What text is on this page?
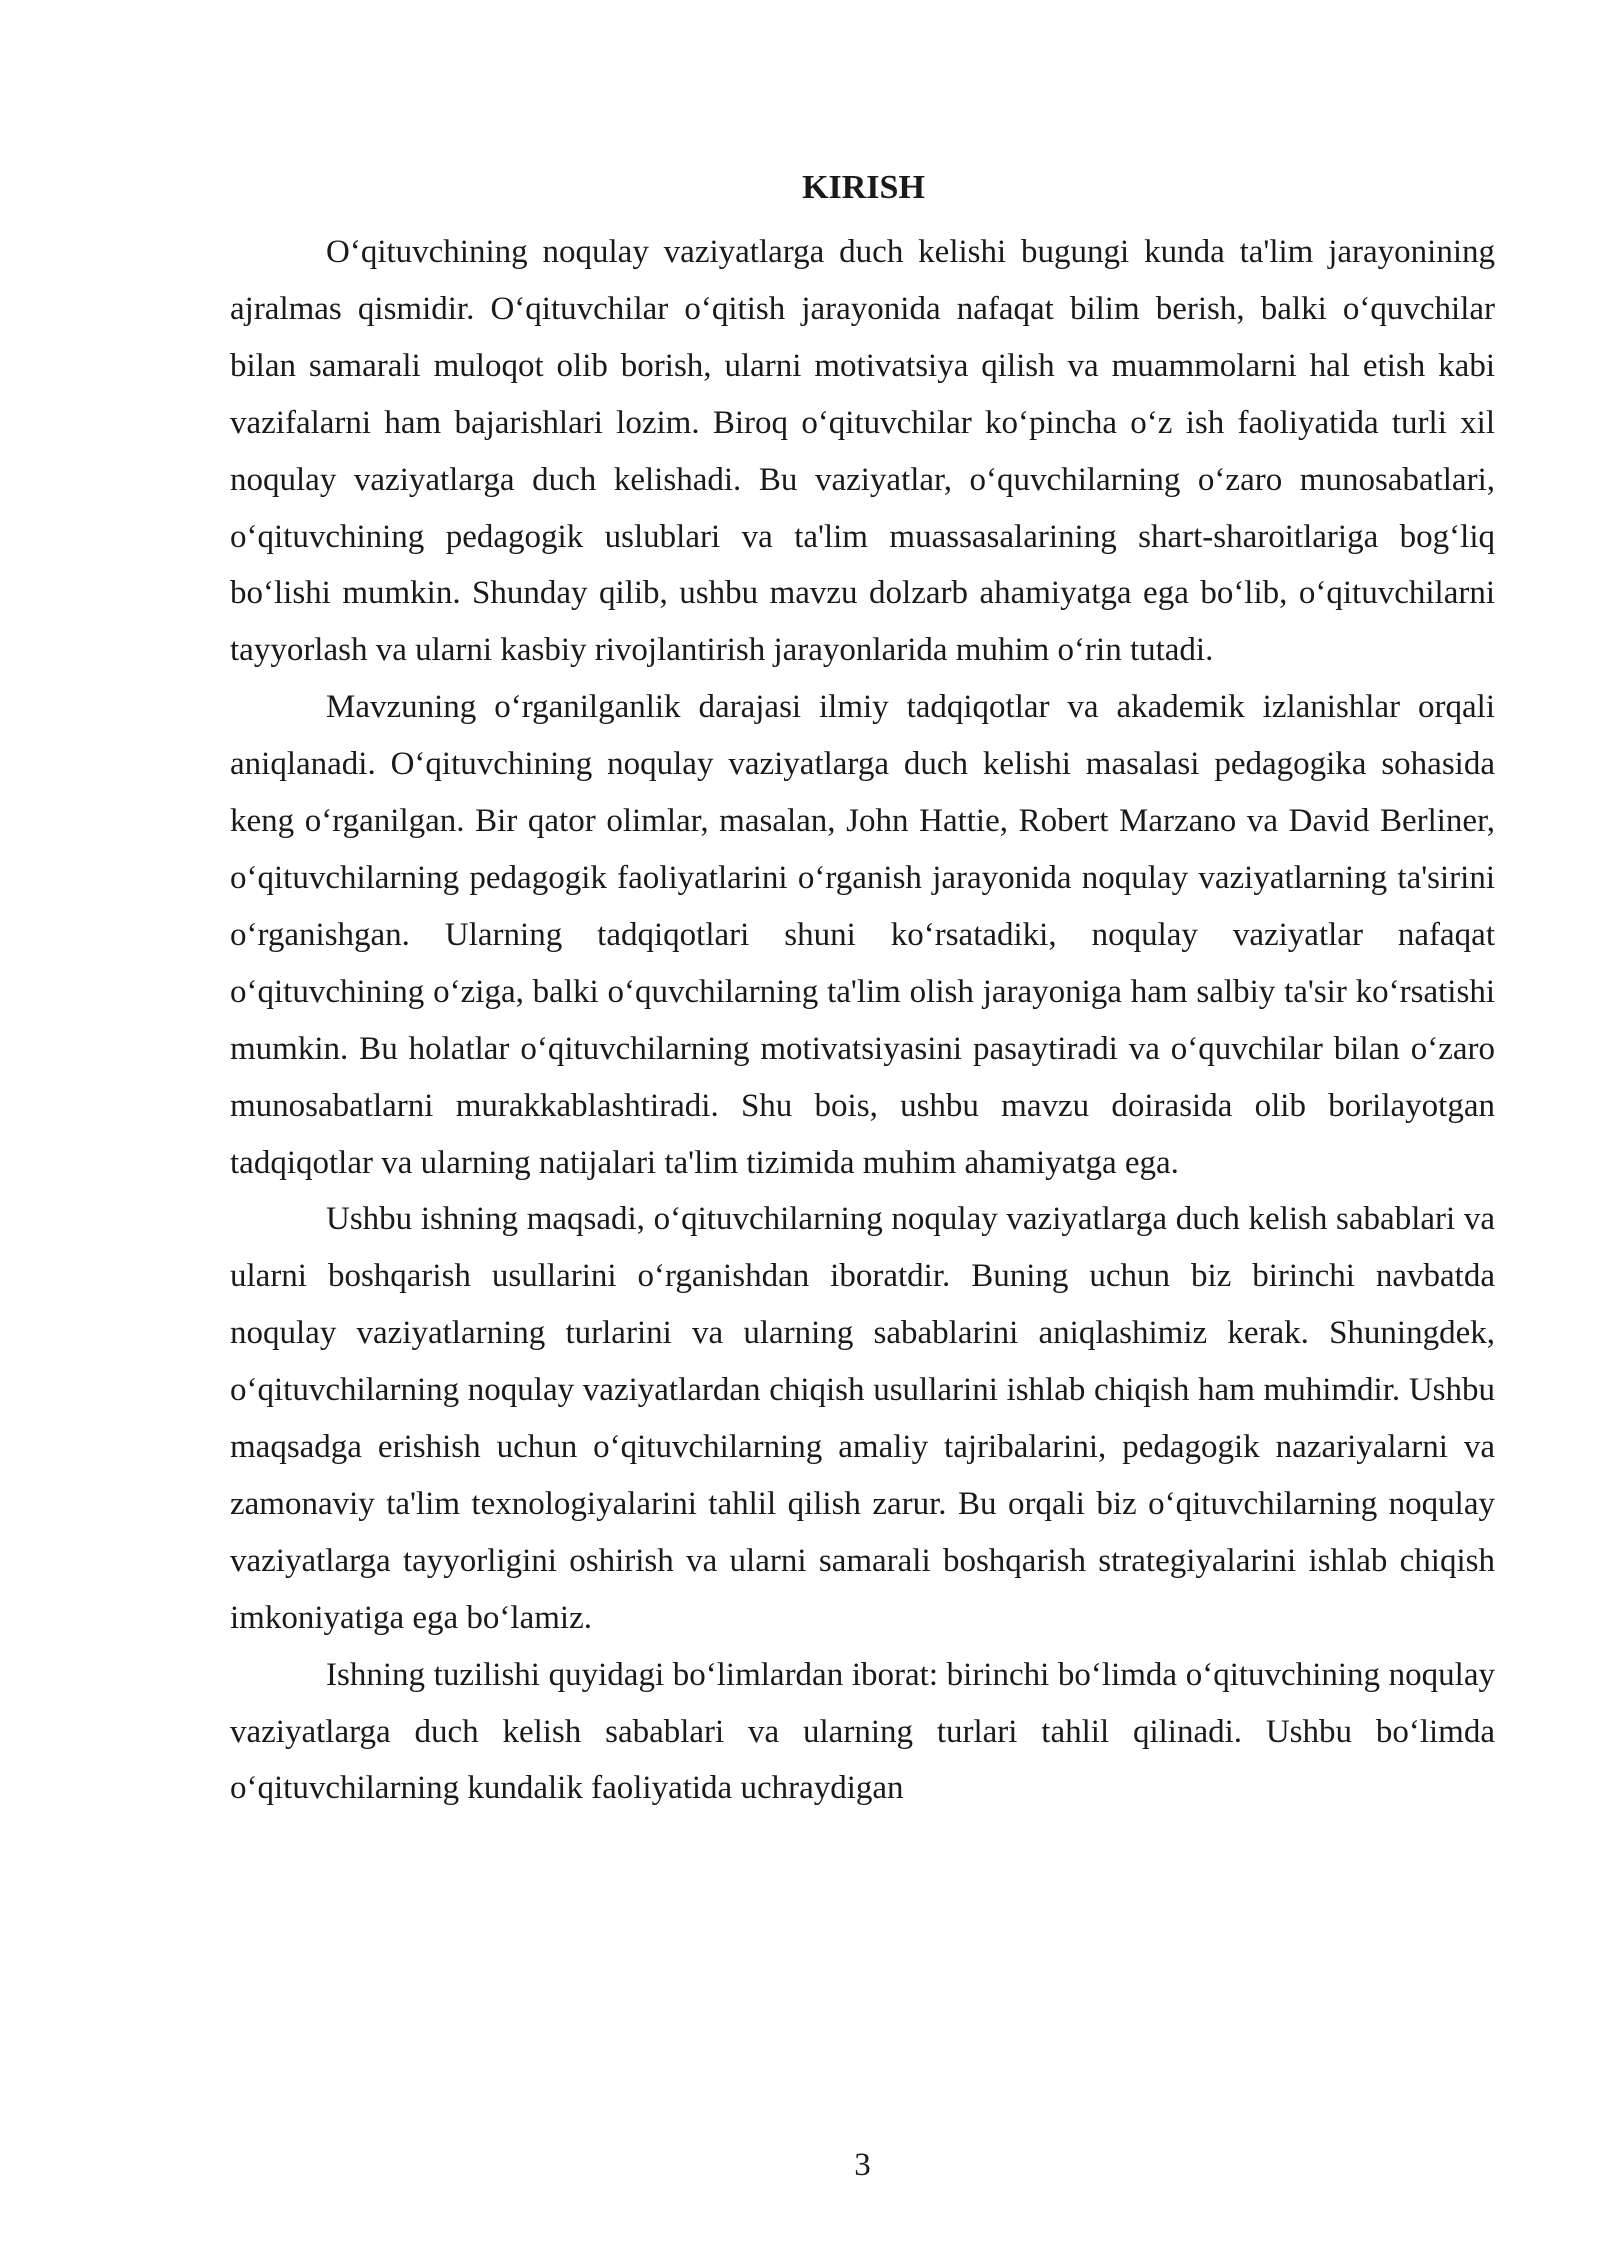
KIRISH

O‘qituvchining noqulay vaziyatlarga duch kelishi bugungi kunda ta'lim jarayonining ajralmas qismidir. O‘qituvchilar o‘qitish jarayonida nafaqat bilim berish, balki o‘quvchilar bilan samarali muloqot olib borish, ularni motivatsiya qilish va muammolarni hal etish kabi vazifalarni ham bajarishlari lozim. Biroq o‘qituvchilar ko‘pincha o‘z ish faoliyatida turli xil noqulay vaziyatlarga duch kelishadi. Bu vaziyatlar, o‘quvchilarning o‘zaro munosabatlari, o‘qituvchining pedagogik uslublari va ta'lim muassasalarining shart-sharoitlariga bog‘liq bo‘lishi mumkin. Shunday qilib, ushbu mavzu dolzarb ahamiyatga ega bo‘lib, o‘qituvchilarni tayyorlash va ularni kasbiy rivojlantirish jarayonlarida muhim o‘rin tutadi.

Mavzuning o‘rganilganlik darajasi ilmiy tadqiqotlar va akademik izlanishlar orqali aniqlanadi. O‘qituvchining noqulay vaziyatlarga duch kelishi masalasi pedagogika sohasida keng o‘rganilgan. Bir qator olimlar, masalan, John Hattie, Robert Marzano va David Berliner, o‘qituvchilarning pedagogik faoliyatlarini o‘rganish jarayonida noqulay vaziyatlarning ta'sirini o‘rganishgan. Ularning tadqiqotlari shuni ko‘rsatadiki, noqulay vaziyatlar nafaqat o‘qituvchining o‘ziga, balki o‘quvchilarning ta'lim olish jarayoniga ham salbiy ta'sir ko‘rsatishi mumkin. Bu holatlar o‘qituvchilarning motivatsiyasini pasaytiradi va o‘quvchilar bilan o‘zaro munosabatlarni murakkablashtiradi. Shu bois, ushbu mavzu doirasida olib borilayotgan tadqiqotlar va ularning natijalari ta'lim tizimida muhim ahamiyatga ega.

Ushbu ishning maqsadi, o‘qituvchilarning noqulay vaziyatlarga duch kelish sabablari va ularni boshqarish usullarini o‘rganishdan iboratdir. Buning uchun biz birinchi navbatda noqulay vaziyatlarning turlarini va ularning sabablarini aniqlashimiz kerak. Shuningdek, o‘qituvchilarning noqulay vaziyatlardan chiqish usullarini ishlab chiqish ham muhimdir. Ushbu maqsadga erishish uchun o‘qituvchilarning amaliy tajribalarini, pedagogik nazariyalarni va zamonaviy ta'lim texnologiyalarini tahlil qilish zarur. Bu orqali biz o‘qituvchilarning noqulay vaziyatlarga tayyorligini oshirish va ularni samarali boshqarish strategiyalarini ishlab chiqish imkoniyatiga ega bo‘lamiz.

Ishning tuzilishi quyidagi bo‘limlardan iborat: birinchi bo‘limda o‘qituvchining noqulay vaziyatlarga duch kelish sabablari va ularning turlari tahlil qilinadi. Ushbu bo‘limda o‘qituvchilarning kundalik faoliyatida uchraydigan

3
